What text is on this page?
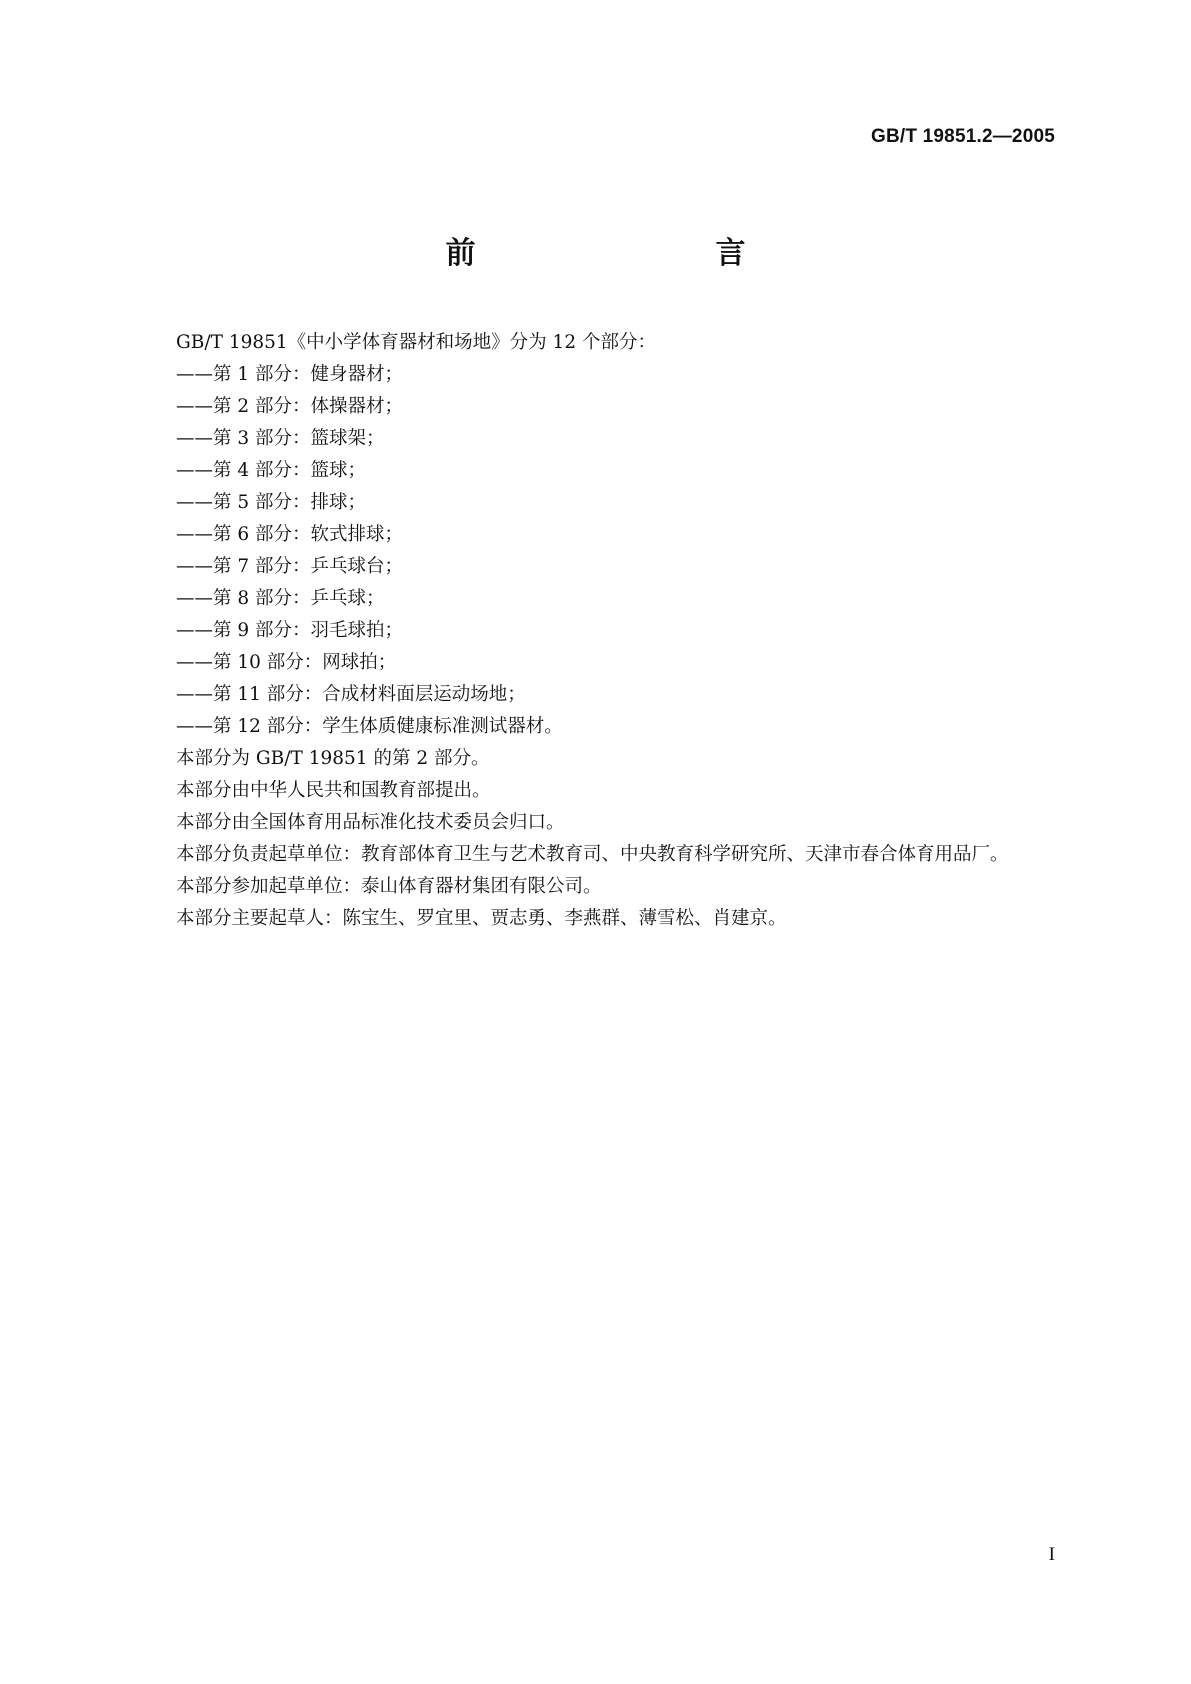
GB/T 19851.2—2005
前　　言
GB/T 19851《中小学体育器材和场地》分为 12 个部分：
——第 1 部分：健身器材；
——第 2 部分：体操器材；
——第 3 部分：篮球架；
——第 4 部分：篮球；
——第 5 部分：排球；
——第 6 部分：软式排球；
——第 7 部分：乒乓球台；
——第 8 部分：乒乓球；
——第 9 部分：羽毛球拍；
——第 10 部分：网球拍；
——第 11 部分：合成材料面层运动场地；
——第 12 部分：学生体质健康标准测试器材。
本部分为 GB/T 19851 的第 2 部分。
本部分由中华人民共和国教育部提出。
本部分由全国体育用品标准化技术委员会归口。
本部分负责起草单位：教育部体育卫生与艺术教育司、中央教育科学研究所、天津市春合体育用品厂。
本部分参加起草单位：泰山体育器材集团有限公司。
本部分主要起草人：陈宝生、罗宜里、贾志勇、李燕群、薄雪松、肖建京。
I
